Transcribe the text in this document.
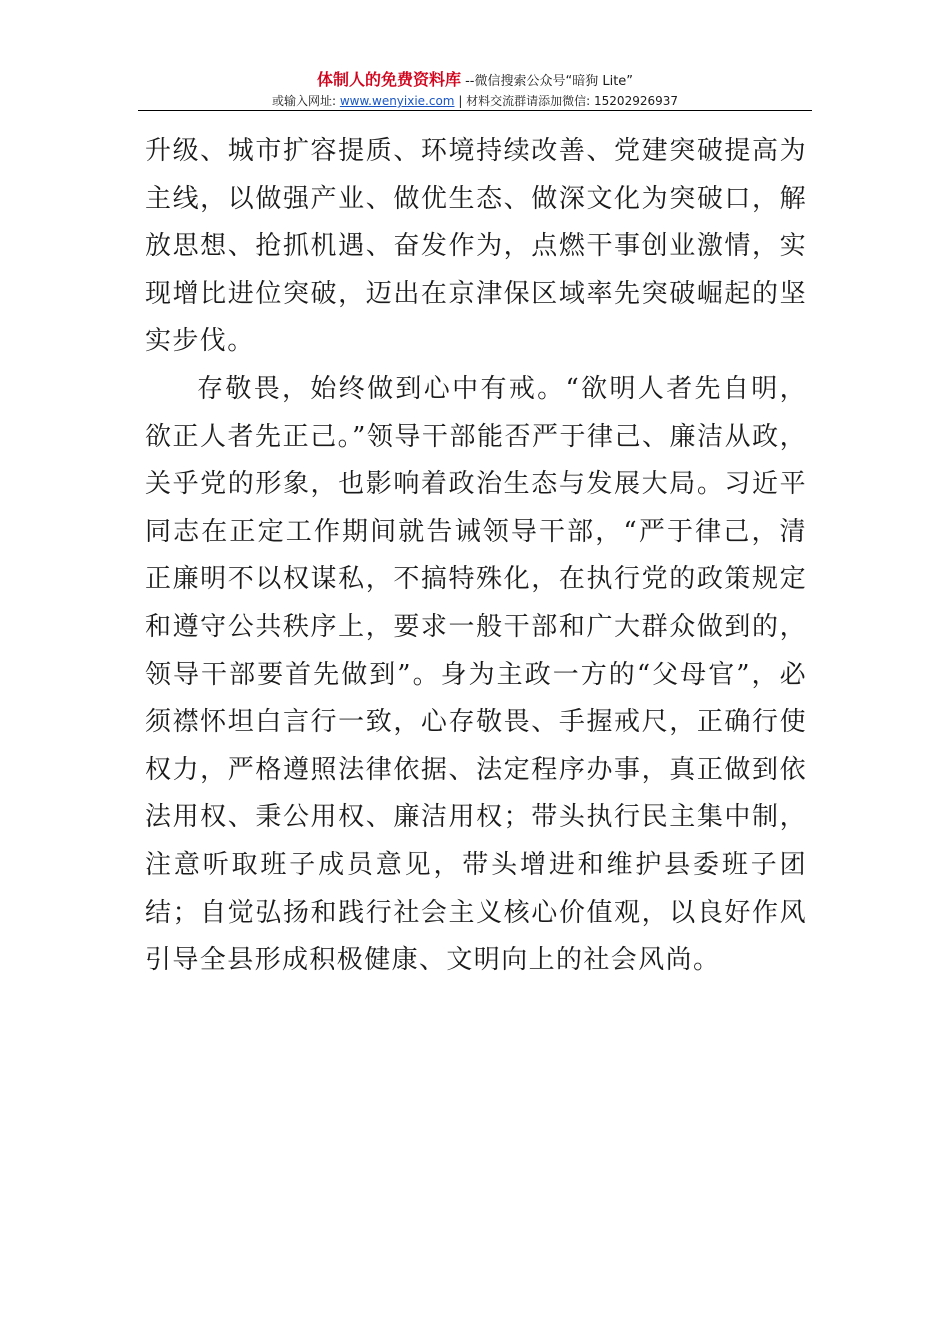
体制人的免费资料库 --微信搜索公众号“暗狗 Lite”
或输入网址: www.wenyixie.com | 材料交流群请添加微信: 15202926937

升级、城市扩容提质、环境持续改善、党建突破提高为主线，以做强产业、做优生态、做深文化为突破口，解放思想、抢抓机遇、奋发作为，点燃干事创业激情，实现增比进位突破，迈出在京津保区域率先突破崛起的坚实步伐。

存敬畏，始终做到心中有戒。“欲明人者先自明，欲正人者先正己。”领导干部能否严于律己、廉洁从政，关乎党的形象，也影响着政治生态与发展大局。习近平同志在正定工作期间就告诫领导干部，“严于律己，清正廉明不以权谋私，不搞特殊化，在执行党的政策规定和遵守公共秩序上，要求一般干部和广大群众做到的，领导干部要首先做到”。身为主政一方的“父母官”，必须襟怀坦白言行一致，心存敬畏、手握戒尺，正确行使权力，严格遵照法律依据、法定程序办事，真正做到依法用权、秉公用权、廉洁用权；带头执行民主集中制，注意听取班子成员意见，带头增进和维护县委班子团结；自觉弘扬和践行社会主义核心价值观，以良好作风引导全县形成积极健康、文明向上的社会风尚。
